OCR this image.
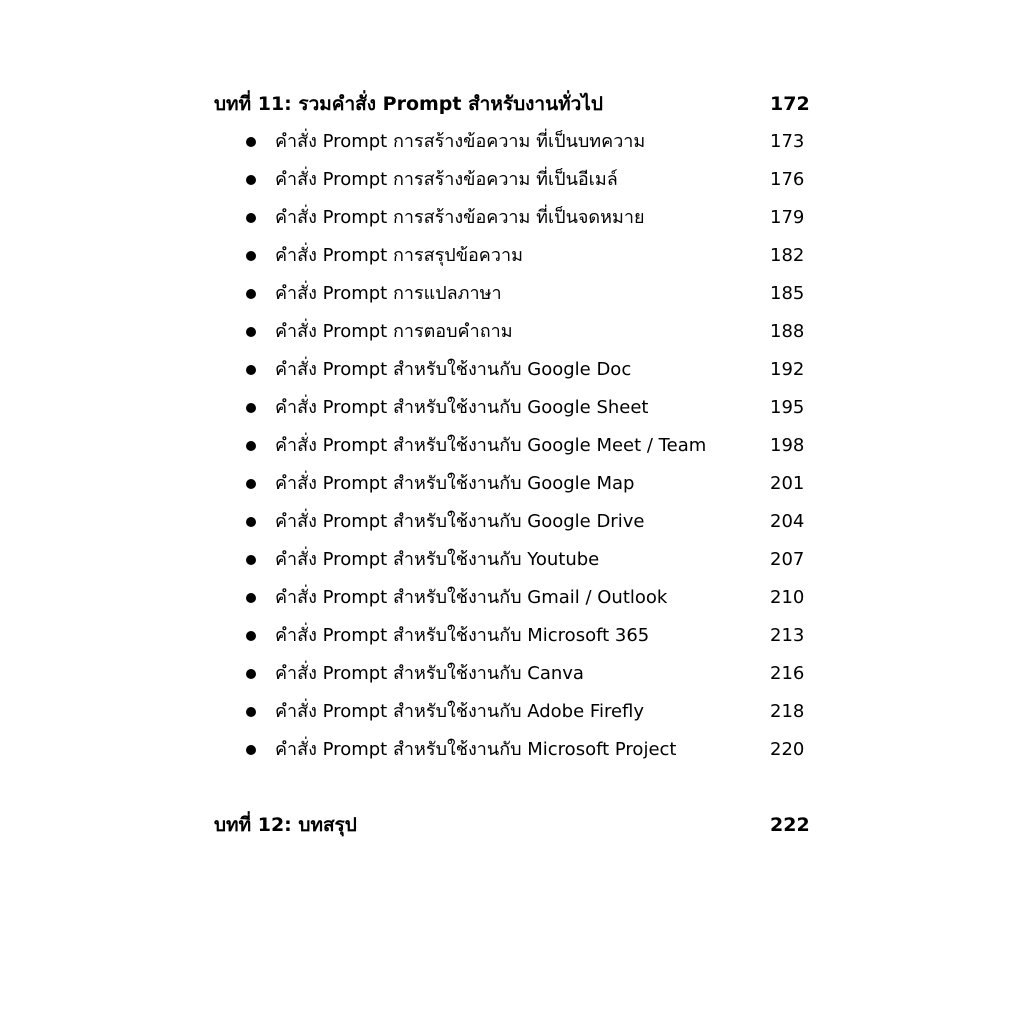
บทที่ 11: รวมคำสั่ง Prompt สำหรับงานทั่วไป	172
คำสั่ง Prompt การสร้างข้อความ ที่เป็นบทความ	173
คำสั่ง Prompt การสร้างข้อความ ที่เป็นอีเมล์	176
คำสั่ง Prompt การสร้างข้อความ ที่เป็นจดหมาย	179
คำสั่ง Prompt การสรุปข้อความ	182
คำสั่ง Prompt การแปลภาษา	185
คำสั่ง Prompt การตอบคำถาม	188
คำสั่ง Prompt สำหรับใช้งานกับ Google Doc	192
คำสั่ง Prompt สำหรับใช้งานกับ Google Sheet	195
คำสั่ง Prompt สำหรับใช้งานกับ Google Meet / Team	198
คำสั่ง Prompt สำหรับใช้งานกับ Google Map	201
คำสั่ง Prompt สำหรับใช้งานกับ Google Drive	204
คำสั่ง Prompt สำหรับใช้งานกับ Youtube	207
คำสั่ง Prompt สำหรับใช้งานกับ Gmail / Outlook	210
คำสั่ง Prompt สำหรับใช้งานกับ Microsoft 365	213
คำสั่ง Prompt สำหรับใช้งานกับ Canva	216
คำสั่ง Prompt สำหรับใช้งานกับ Adobe Firefly	218
คำสั่ง Prompt สำหรับใช้งานกับ Microsoft Project	220
บทที่ 12: บทสรุป	222
